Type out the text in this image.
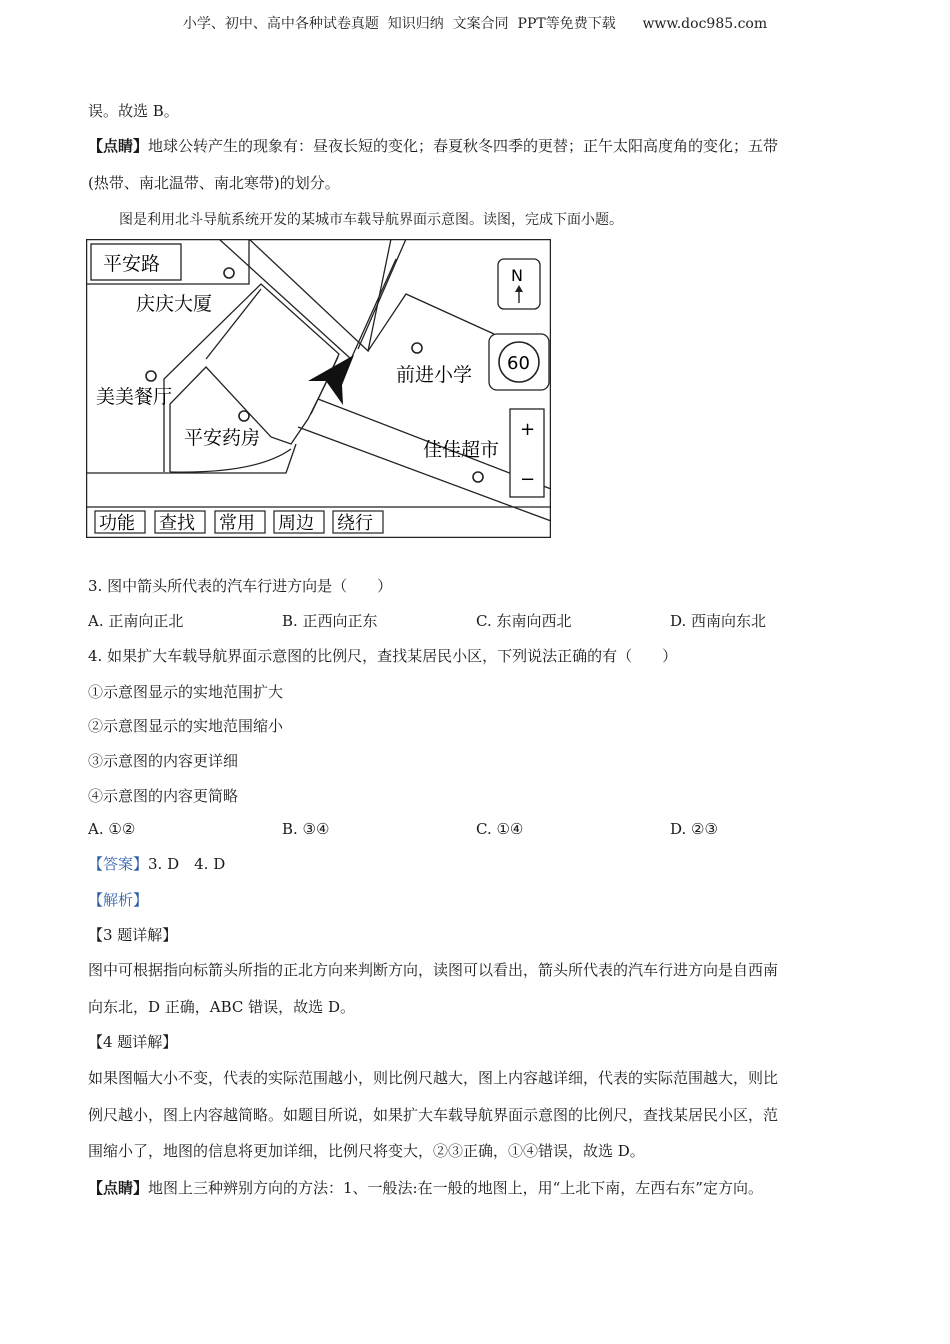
小学、初中、高中各种试卷真题  知识归纳  文案合同  PPT等免费下载      www.doc985.com
误。故选 B。
【点睛】地球公转产生的现象有：昼夜长短的变化；春夏秋冬四季的更替；正午太阳高度角的变化；五带
(热带、南北温带、南北寒带)的划分。
图是利用北斗导航系统开发的某城市车载导航界面示意图。读图，完成下面小题。
平安路
庆庆大厦
美美餐厅
平安药房
前进小学
佳佳超市
N
60
+
−
功能 查找 常用 周边 绕行
3. 图中箭头所代表的汽车行进方向是（　　）
A. 正南向正北	B. 正西向正东	C. 东南向西北	D. 西南向东北
4. 如果扩大车载导航界面示意图的比例尺，查找某居民小区，下列说法正确的有（　　）
①示意图显示的实地范围扩大
②示意图显示的实地范围缩小
③示意图的内容更详细
④示意图的内容更简略
A. ①②	B. ③④	C. ①④	D. ②③
【答案】3. D　4. D
【解析】
【3 题详解】
图中可根据指向标箭头所指的正北方向来判断方向，读图可以看出，箭头所代表的汽车行进方向是自西南
向东北，D 正确，ABC 错误，故选 D。
【4 题详解】
如果图幅大小不变，代表的实际范围越小，则比例尺越大，图上内容越详细，代表的实际范围越大，则比
例尺越小，图上内容越简略。如题目所说，如果扩大车载导航界面示意图的比例尺，查找某居民小区，范
围缩小了，地图的信息将更加详细，比例尺将变大，②③正确，①④错误，故选 D。
【点睛】地图上三种辨别方向的方法：1、一般法:在一般的地图上，用“上北下南，左西右东”定方向。
